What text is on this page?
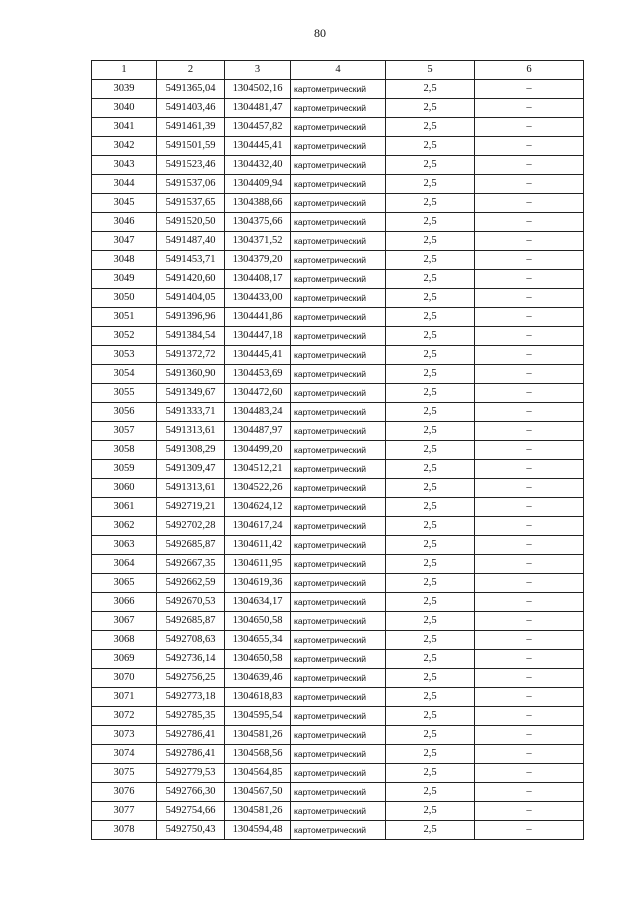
80
1	2	3	4	5	6
3039	5491365,04	1304502,16	картометрический	2,5	–
3040	5491403,46	1304481,47	картометрический	2,5	–
3041	5491461,39	1304457,82	картометрический	2,5	–
3042	5491501,59	1304445,41	картометрический	2,5	–
3043	5491523,46	1304432,40	картометрический	2,5	–
3044	5491537,06	1304409,94	картометрический	2,5	–
3045	5491537,65	1304388,66	картометрический	2,5	–
3046	5491520,50	1304375,66	картометрический	2,5	–
3047	5491487,40	1304371,52	картометрический	2,5	–
3048	5491453,71	1304379,20	картометрический	2,5	–
3049	5491420,60	1304408,17	картометрический	2,5	–
3050	5491404,05	1304433,00	картометрический	2,5	–
3051	5491396,96	1304441,86	картометрический	2,5	–
3052	5491384,54	1304447,18	картометрический	2,5	–
3053	5491372,72	1304445,41	картометрический	2,5	–
3054	5491360,90	1304453,69	картометрический	2,5	–
3055	5491349,67	1304472,60	картометрический	2,5	–
3056	5491333,71	1304483,24	картометрический	2,5	–
3057	5491313,61	1304487,97	картометрический	2,5	–
3058	5491308,29	1304499,20	картометрический	2,5	–
3059	5491309,47	1304512,21	картометрический	2,5	–
3060	5491313,61	1304522,26	картометрический	2,5	–
3061	5492719,21	1304624,12	картометрический	2,5	–
3062	5492702,28	1304617,24	картометрический	2,5	–
3063	5492685,87	1304611,42	картометрический	2,5	–
3064	5492667,35	1304611,95	картометрический	2,5	–
3065	5492662,59	1304619,36	картометрический	2,5	–
3066	5492670,53	1304634,17	картометрический	2,5	–
3067	5492685,87	1304650,58	картометрический	2,5	–
3068	5492708,63	1304655,34	картометрический	2,5	–
3069	5492736,14	1304650,58	картометрический	2,5	–
3070	5492756,25	1304639,46	картометрический	2,5	–
3071	5492773,18	1304618,83	картометрический	2,5	–
3072	5492785,35	1304595,54	картометрический	2,5	–
3073	5492786,41	1304581,26	картометрический	2,5	–
3074	5492786,41	1304568,56	картометрический	2,5	–
3075	5492779,53	1304564,85	картометрический	2,5	–
3076	5492766,30	1304567,50	картометрический	2,5	–
3077	5492754,66	1304581,26	картометрический	2,5	–
3078	5492750,43	1304594,48	картометрический	2,5	–
